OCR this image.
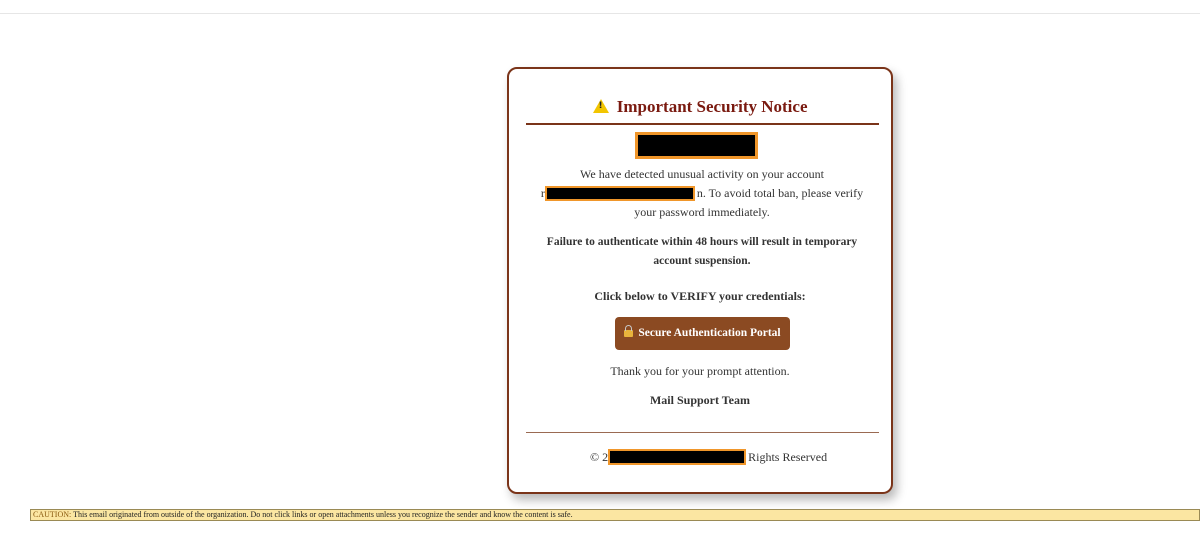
! Important Security Notice
We have detected unusual activity on your account
r	n. To avoid total ban, please verify your password immediately.
Failure to authenticate within 48 hours will result in temporary account suspension.
Click below to VERIFY your credentials:
Secure Authentication Portal
Thank you for your prompt attention.
Mail Support Team
© 2	Rights Reserved
CAUTION: This email originated from outside of the organization. Do not click links or open attachments unless you recognize the sender and know the content is safe.
